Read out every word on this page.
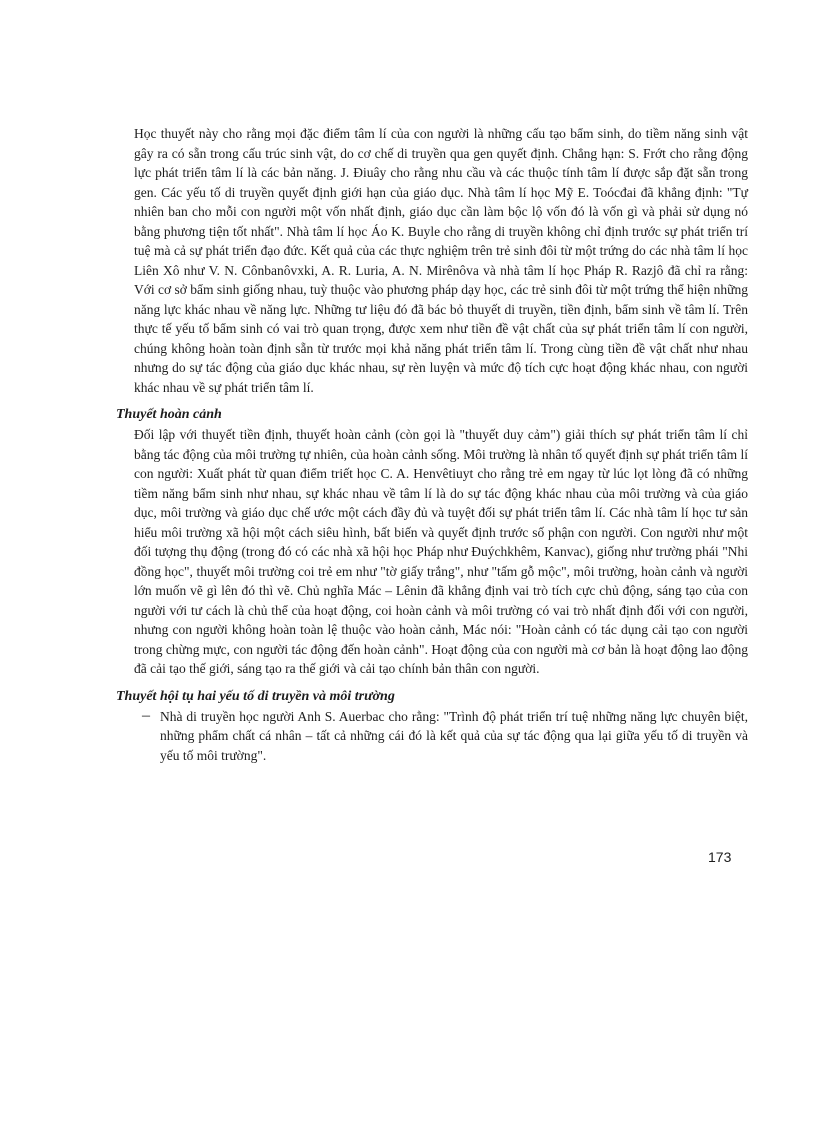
Học thuyết này cho rằng mọi đặc điểm tâm lí của con người là những cấu tạo bẩm sinh, do tiềm năng sinh vật gây ra có sẵn trong cấu trúc sinh vật, do cơ chế di truyền qua gen quyết định. Chẳng hạn: S. Frớt cho rằng động lực phát triển tâm lí là các bản năng. J. Điuây cho rằng nhu cầu và các thuộc tính tâm lí được sắp đặt sẵn trong gen. Các yếu tố di truyền quyết định giới hạn của giáo dục. Nhà tâm lí học Mỹ E. Toócđai đã khẳng định: "Tự nhiên ban cho mỗi con người một vốn nhất định, giáo dục cần làm bộc lộ vốn đó là vốn gì và phải sử dụng nó bằng phương tiện tốt nhất". Nhà tâm lí học Áo K. Buyle cho rằng di truyền không chỉ định trước sự phát triển trí tuệ mà cả sự phát triển đạo đức. Kết quả của các thực nghiệm trên trẻ sinh đôi từ một trứng do các nhà tâm lí học Liên Xô như V. N. Cônbanôvxki, A. R. Luria, A. N. Mirênôva và nhà tâm lí học Pháp R. Razjô đã chỉ ra rằng: Với cơ sở bẩm sinh giống nhau, tuỳ thuộc vào phương pháp dạy học, các trẻ sinh đôi từ một trứng thể hiện những năng lực khác nhau về năng lực. Những tư liệu đó đã bác bỏ thuyết di truyền, tiền định, bẩm sinh về tâm lí. Trên thực tế yếu tố bẩm sinh có vai trò quan trọng, được xem như tiền đề vật chất của sự phát triển tâm lí con người, chúng không hoàn toàn định sẵn từ trước mọi khả năng phát triển tâm lí. Trong cùng tiền đề vật chất như nhau nhưng do sự tác động của giáo dục khác nhau, sự rèn luyện và mức độ tích cực hoạt động khác nhau, con người khác nhau về sự phát triển tâm lí.

Thuyết hoàn cảnh

Đối lập với thuyết tiền định, thuyết hoàn cảnh (còn gọi là "thuyết duy cảm") giải thích sự phát triển tâm lí chỉ bằng tác động của môi trường tự nhiên, của hoàn cảnh sống. Môi trường là nhân tố quyết định sự phát triển tâm lí con người: Xuất phát từ quan điểm triết học C. A. Henvêtiuyt cho rằng trẻ em ngay từ lúc lọt lòng đã có những tiềm năng bẩm sinh như nhau, sự khác nhau về tâm lí là do sự tác động khác nhau của môi trường và của giáo dục, môi trường và giáo dục chế ước một cách đầy đủ và tuyệt đối sự phát triển tâm lí. Các nhà tâm lí học tư sản hiểu môi trường xã hội một cách siêu hình, bất biến và quyết định trước số phận con người. Con người như một đối tượng thụ động (trong đó có các nhà xã hội học Pháp như Đuýchkhêm, Kanvac), giống như trường phái "Nhi đồng học", thuyết môi trường coi trẻ em như "tờ giấy trắng", như "tấm gỗ mộc", môi trường, hoàn cảnh và người lớn muốn vẽ gì lên đó thì vẽ. Chủ nghĩa Mác – Lênin đã khẳng định vai trò tích cực chủ động, sáng tạo của con người với tư cách là chủ thể của hoạt động, coi hoàn cảnh và môi trường có vai trò nhất định đối với con người, nhưng con người không hoàn toàn lệ thuộc vào hoàn cảnh, Mác nói: "Hoàn cảnh có tác dụng cải tạo con người trong chừng mực, con người tác động đến hoàn cảnh". Hoạt động của con người mà cơ bản là hoạt động lao động đã cải tạo thế giới, sáng tạo ra thế giới và cải tạo chính bản thân con người.

Thuyết hội tụ hai yếu tố di truyền và môi trường
– Nhà di truyền học người Anh S. Auerbac cho rằng: "Trình độ phát triển trí tuệ những năng lực chuyên biệt, những phẩm chất cá nhân – tất cả những cái đó là kết quả của sự tác động qua lại giữa yếu tố di truyền và yếu tố môi trường".

173
